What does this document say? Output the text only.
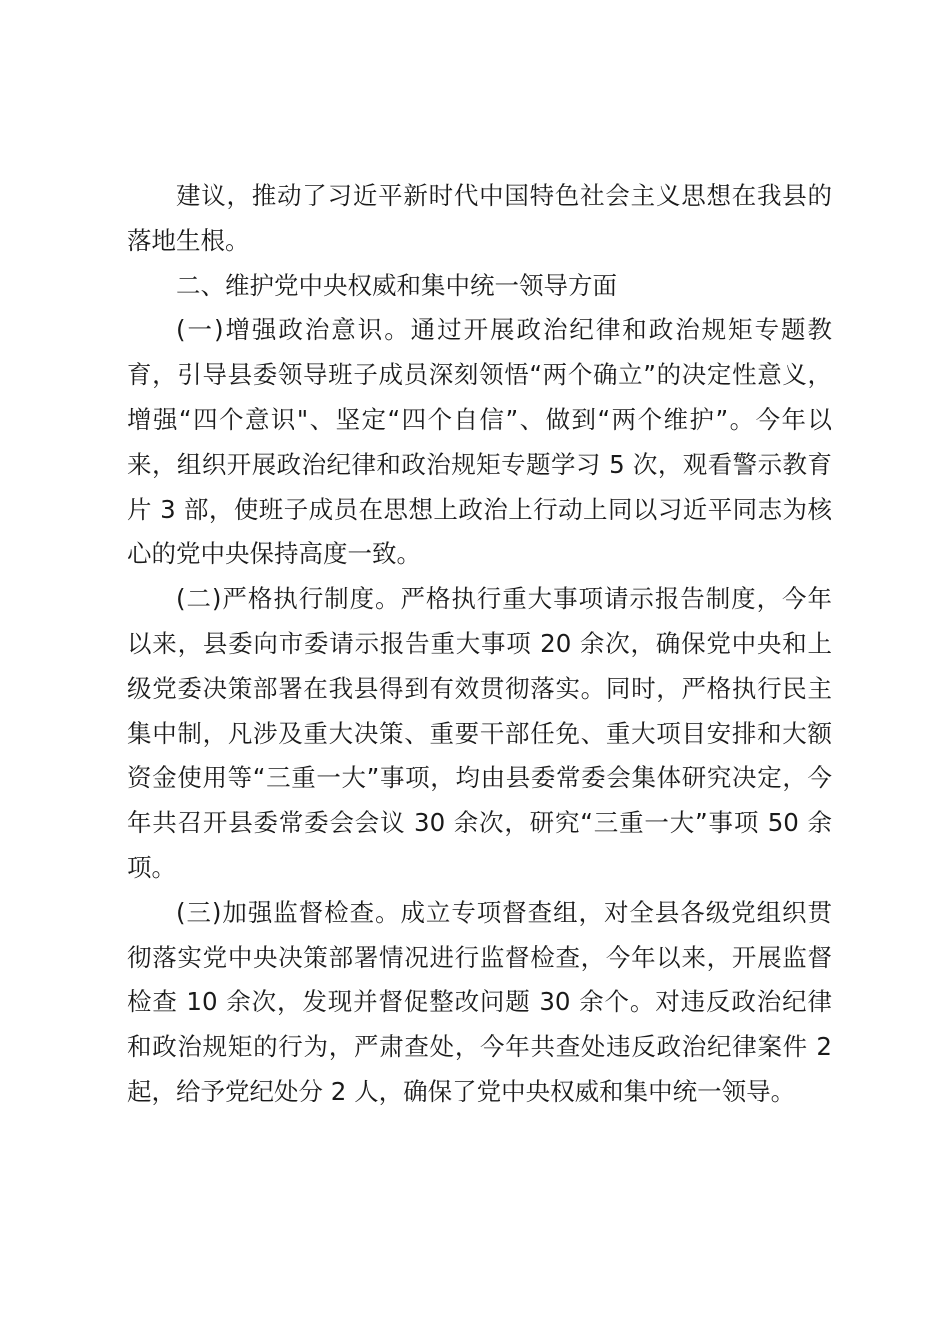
建议，推动了习近平新时代中国特色社会主义思想在我县的落地生根。

二、维护党中央权威和集中统一领导方面

(一)增强政治意识。通过开展政治纪律和政治规矩专题教育，引导县委领导班子成员深刻领悟“两个确立”的决定性意义，增强“四个意识"、坚定“四个自信”、做到“两个维护”。今年以来，组织开展政治纪律和政治规矩专题学习 5 次，观看警示教育片 3 部，使班子成员在思想上政治上行动上同以习近平同志为核心的党中央保持高度一致。

(二)严格执行制度。严格执行重大事项请示报告制度，今年以来，县委向市委请示报告重大事项 20 余次，确保党中央和上级党委决策部署在我县得到有效贯彻落实。同时，严格执行民主集中制，凡涉及重大决策、重要干部任免、重大项目安排和大额资金使用等“三重一大”事项，均由县委常委会集体研究决定，今年共召开县委常委会会议 30 余次，研究“三重一大”事项 50 余项。

(三)加强监督检查。成立专项督查组，对全县各级党组织贯彻落实党中央决策部署情况进行监督检查，今年以来，开展监督检查 10 余次，发现并督促整改问题 30 余个。对违反政治纪律和政治规矩的行为，严肃查处，今年共查处违反政治纪律案件 2 起，给予党纪处分 2 人，确保了党中央权威和集中统一领导。
